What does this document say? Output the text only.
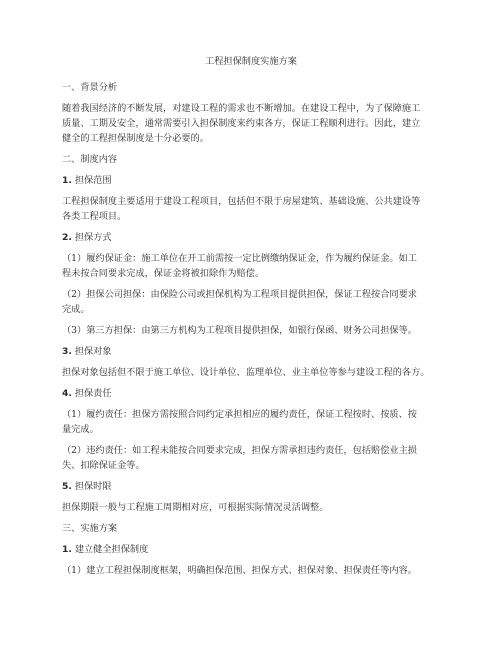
工程担保制度实施方案
一、背景分析
随着我国经济的不断发展，对建设工程的需求也不断增加。在建设工程中，为了保障施工
质量、工期及安全，通常需要引入担保制度来约束各方，保证工程顺利进行。因此，建立
健全的工程担保制度是十分必要的。
二、制度内容
1. 担保范围
工程担保制度主要适用于建设工程项目，包括但不限于房屋建筑、基础设施、公共建设等
各类工程项目。
2. 担保方式
（1）履约保证金：施工单位在开工前需按一定比例缴纳保证金，作为履约保证金。如工
程未按合同要求完成，保证金将被扣除作为赔偿。
（2）担保公司担保：由保险公司或担保机构为工程项目提供担保，保证工程按合同要求
完成。
（3）第三方担保：由第三方机构为工程项目提供担保，如银行保函、财务公司担保等。
3. 担保对象
担保对象包括但不限于施工单位、设计单位、监理单位、业主单位等参与建设工程的各方。
4. 担保责任
（1）履约责任：担保方需按照合同约定承担相应的履约责任，保证工程按时、按质、按
量完成。
（2）违约责任：如工程未能按合同要求完成，担保方需承担违约责任，包括赔偿业主损
失、扣除保证金等。
5. 担保时限
担保期限一般与工程施工周期相对应，可根据实际情况灵活调整。
三、实施方案
1. 建立健全担保制度
（1）建立工程担保制度框架，明确担保范围、担保方式、担保对象、担保责任等内容。
